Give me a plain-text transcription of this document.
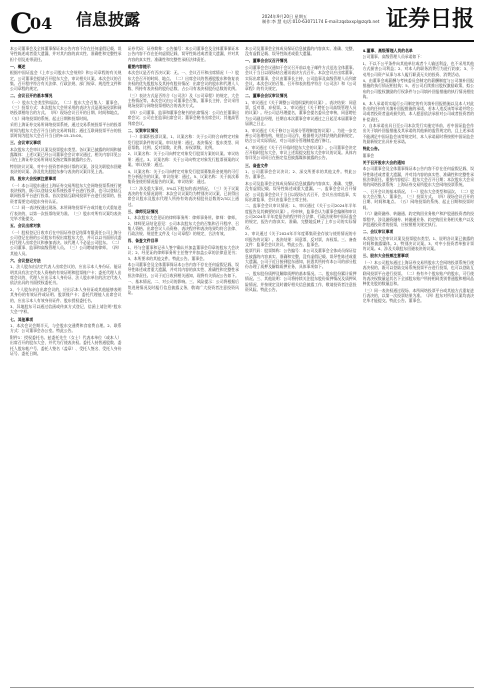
C
04 信息披露	2024年9月20日 星期五
制作:李 慧 电话:010-63071174 E-mail:zqsbxxpl@zqrb.net 证券日报

本公司董事会及全体董事保证本公告内容不存在任何虚假记载、误导性陈述或者重大遗漏，并对其内容的真实性、准确性和完整性承担个别及连带责任。

一、概述

根据中国证监会《上市公司股东大会规则》和公司章程的有关规定，公司董事会提请召开股东大会，审议相关议案。本次会议的召集、召开程序符合有关法律、行政法规、部门规章、规范性文件和公司章程的规定。

二、会议召开的基本情况

（一）股东大会类型和届次。（二）股东大会召集人：董事会。（三）投票方式：本次股东大会所采用的表决方式是现场投票和网络投票相结合的方式。（四）现场会议召开的日期、时间和地点。（五）网络投票的系统、起止日期和投票时间。

采用上海证券交易所网络投票系统，通过交易系统投票平台的投票时间为股东大会召开当日的交易时间段；通过互联网投票平台的投票时间为股东大会召开当日的9:15-15:00。

三、会议审议事项

本次股东大会审议议案及投票股东类型。各议案已披露的时间和披露媒体：上述议案已经公司董事会会议审议通过，相关内容详见公司在上海证券交易所网站及指定媒体披露的公告。

特别决议议案、对中小投资者单独计票的议案、涉及关联股东回避表决的议案、涉及优先股股东参与表决的议案详见上表。

四、股东大会投票注意事项

（一）本公司股东通过上海证券交易所股东大会网络投票系统行使表决权的，既可以登陆交易系统投票平台进行投票，也可以登陆互联网投票平台进行投票。首次登陆互联网投票平台进行投票的，投资者需要完成股东身份认证。

（二）同一表决权通过现场、本所网络投票平台或其他方式重复进行表决的，以第一次投票结果为准。（三）股东对所有议案均表决完毕才能提交。

五、会议出席对象

（一）股权登记日收市后在中国证券登记结算有限责任公司上海分公司登记在册的公司股东有权出席股东大会，并可以以书面形式委托代理人出席会议和参加表决。该代理人不必是公司股东。（二）公司董事、监事和高级管理人员。（三）公司聘请的律师。（四）其他人员。

六、会议登记方法

1、法人股东由法定代表人出席会议的，应出示本人身份证、能证明其具有法定代表人资格的有效证明和股票账户卡；委托代理人出席会议的，代理人应出示本人身份证、法人股东单位的法定代表人依法出具的书面授权委托书。

2、个人股东亲自出席会议的，应出示本人身份证或其他能够表明其身份的有效证件或证明、股票账户卡；委托代理他人出席会议的，应出示本人有效身份证件、股东授权委托书。

3、异地股东可以通过信函或传真方式登记，信函上请注明“股东大会”字样。

七、其他事项

1、本次会议会期半天，与会股东交通费和食宿费自理。2、联系方式：公司董事会办公室。特此公告。

附件1：授权委托书。兹委托先生（女士）代表本单位（或本人）出席召开的股东大会，并代为行使表决权。委托人持普通股数、委托人股东帐户号、委托人签名（盖章）、受托人签名、受托人身份证号、委托日期。

证券代码：证券简称：公告编号：本公司董事会及全体董事保证本公告内容不存在任何虚假记载、误导性陈述或者重大遗漏，并对其内容的真实性、准确性和完整性承担法律责任。

重要内容提示

本次会议是否有否决议案：无。一、会议召开和出席情况（一）股东大会召开的时间、地点。（二）出席会议的普通股股东和恢复表决权的优先股股东及其持有股份情况：出席会议的股东和代理人人数、所持有表决权的股份总数、占公司有表决权股份总数的比例。

（三）表决方式是否符合《公司法》及《公司章程》的规定，大会主持情况等。本次会议由公司董事会召集，董事长主持，会议采用现场投票与网络投票相结合的表决方式。

（四）公司董事、监事和董事会秘书的出席情况：公司在任董事出席会议；公司在任监事出席会议；董事会秘书出席会议；其他高管列席会议。

二、议案审议情况

（一）非累积投票议案。1、议案名称：关于公司符合向特定对象发行股票条件的议案。审议结果：通过。表决情况：股东类型、同意票数、比例、反对票数、比例、弃权票数、比例。

2、议案名称：关于公司向特定对象发行股票方案的议案。审议结果：通过。3、议案名称：关于公司向特定对象发行股票预案的议案。审议结果：通过。

4、议案名称：关于公司向特定对象发行股票募集资金使用的可行性分析报告的议案。审议结果：通过。5、议案名称：关于前次募集资金使用情况报告的议案。审议结果：通过。

（二）涉及重大事项，5%以下股东的表决情况。（三）关于议案表决的有关情况说明：本次会议议案均为特别决议议案，已获得出席会议股东及股东代理人所持有效表决权股份总数的2/3以上通过。

三、律师见证情况

1、本次股东大会见证的律师事务所：律师事务所。律师：律师。2、律师见证结论意见：公司本次股东大会的召集和召开程序、召集人资格、出席会议人员资格、表决程序和表决结果均符合法律、行政法规、规范性文件及《公司章程》的规定，合法有效。

四、备查文件目录

1、经与会董事和记录人签字确认并加盖董事会印章的股东大会决议；2、经见证的律师事务所主任签字并加盖公章的法律意见书；3、本所要求的其他文件。特此公告。董事会。

本公司董事会及全体董事保证本公告内容不存在任何虚假记载、误导性陈述或者重大遗漏，并对其内容的真实性、准确性和完整性承担法律责任。公司于近日收到相关通知，现将有关情况公告如下。

一、基本情况。二、对公司的影响。三、风险提示：公司将根据后续进展情况及时履行信息披露义务，敬请广大投资者注意投资风险。

本公司及董事会全体成员保证信息披露的内容真实、准确、完整，没有虚假记载、误导性陈述或重大遗漏。

一、董事会会议召开情况

公司董事会会议通知于会议召开前以电子邮件方式送达全体董事。会议于当日以现场结合通讯表决方式召开。本次会议应出席董事，实际出席董事，会议由董事长主持，公司监事及高级管理人员列席会议。本次会议的召集、召开和表决程序符合《公司法》和《公司章程》的有关规定。

二、董事会会议审议情况

1、审议通过《关于调整公司组织架构的议案》。表决结果：同意票，反对票，弃权票。2、审议通过《关于聘任公司高级管理人员的议案》。经公司总经理提名，董事会提名委员会审核，同意聘任为公司副总经理，任期自本次董事会审议通过之日起至本届董事会届满之日止。

3、审议通过《关于修订公司部分管理制度的议案》。为进一步完善公司治理结构，规范公司运作，根据相关法律法规的最新规定，结合公司实际情况，对公司部分管理制度进行修订。

4、审议通过《关于召开临时股东大会的议案》。公司董事会决定召开临时股东大会，审议上述需提交股东大会审议的议案。具体内容详见公司同日在指定信息披露媒体披露的公告。

三、备查文件

1、公司董事会会议决议；2、深交所要求的其他文件。特此公告。董事会。

本公司及监事会全体成员保证信息披露的内容真实、准确、完整，没有虚假记载、误导性陈述或重大遗漏。一、监事会会议召开情况：公司监事会会议于当日以现场方式召开，会议应出席监事，实际出席监事，会议由监事会主席主持。

二、监事会会议审议情况：1、审议通过《关于公司2024年半年度报告及其摘要的议案》。经审核，监事会认为董事会编制和审议公司2024年半年度报告的程序符合法律、行政法规和中国证监会的规定，报告内容真实、准确、完整地反映了上市公司的实际情况。

2、审议通过《关于2024年半年度募集资金存放与使用情况的专项报告的议案》。表决结果：同意票，反对票，弃权票。三、备查文件：监事会会议决议。特此公告。监事会。

股票代码：股票简称：公告编号：本公司及董事会全体成员保证信息披露的内容真实、准确和完整，没有虚假记载、误导性陈述或重大遗漏。公司于近日接到股东通知，获悉其所持有本公司的部分股份办理了质押及解除质押业务，具体事项如下。

一、股东股份质押及解除质押的基本情况。二、股东股份累计质押情况。三、其他说明：公司将持续关注股东股份质押情况及质押风险情况，并按规定及时做好相关信息披露工作，敬请投资者注意投资风险。特此公告。

4.董事、高级管理人员的名单

公司董事、高级管理人员承诺如下：

1、不以不公平条件向其他单位或者个人输送利益，也不采用其他方式损害公司利益；2、对本人的职务消费行为进行约束；3、不动用公司资产从事与本人履行职责无关的投资、消费活动。

4、由董事会或薪酬与考核委员会制定的薪酬制度与公司填补回报措施的执行情况相挂钩；5、若公司后续推出股权激励政策，拟公布的公司股权激励的行权条件与公司填补回报措施的执行情况相挂钩。

6、本人承诺切实履行公司制定的有关填补回报措施以及本人对此作出的任何有关填补回报措施的承诺，若本人违反该等承诺并给公司或者投资者造成损失的，本人愿意依法承担对公司或者投资者的补偿责任。

7、自本承诺出具日至公司本次发行实施完毕前，若中国证监会作出关于填补回报措施及其承诺的其他新的监管规定的，且上述承诺不能满足中国证监会该等规定时，本人承诺届时将按照中国证监会的最新规定出具补充承诺。

特此公告。

董事会

关于召开股东大会的通知

本公司董事会及全体董事保证本公告内容不存在任何虚假记载、误导性陈述或者重大遗漏，并对其内容的真实性、准确性和完整性承担法律责任。重要内容提示：股东大会召开日期；本次股东大会采用的网络投票系统：上海证券交易所股东大会网络投票系统。

一、召开会议的基本情况。（一）股东大会类型和届次。（二）股东大会召集人：董事会。（三）投票方式。（四）现场会议召开的日期、时间和地点。（五）网络投票的系统、起止日期和投票时间。

（六）融资融券、转融通、约定购回业务账户和沪股通投资者的投票程序。涉及融资融券、转融通业务、约定购回业务相关账户以及沪股通投资者的投票，应按照相关规定执行。

二、会议审议事项

本次股东大会审议议案及投票股东类型。1、说明各议案已披露的时间和披露媒体。2、特别决议议案。3、对中小投资者单独计票的议案。4、涉及关联股东回避表决的议案。

三、股东大会投票注意事项

（一）本公司股东通过上海证券交易所股东大会网络投票系统行使表决权的，既可以登陆交易系统投票平台进行投票，也可以登陆互联网投票平台进行投票。（二）持有多个股东账户的股东，可行使的表决权数量是其名下全部股东账户所持相同类别普通股和相同品种优先股的数量总和。

（三）同一表决权通过现场、本所网络投票平台或其他方式重复进行表决的，以第一次投票结果为准。（四）股东对所有议案均表决完毕才能提交。特此公告。董事会。
